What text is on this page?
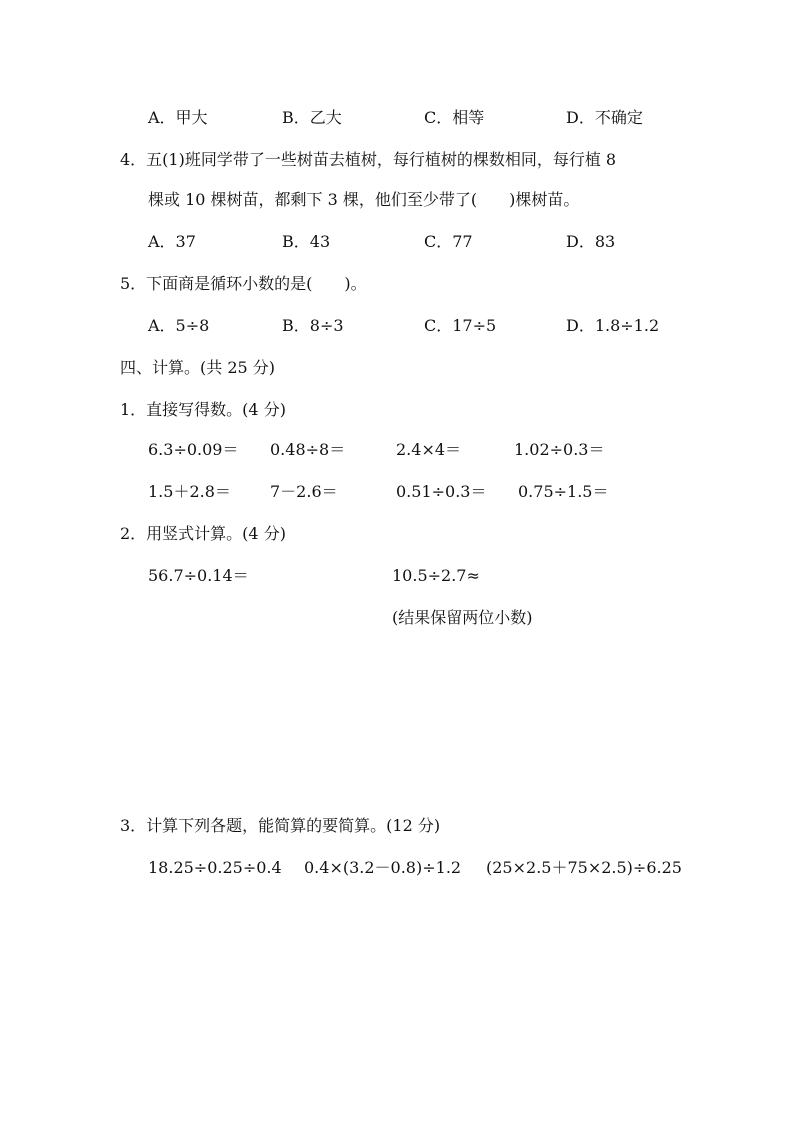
A．甲大	B．乙大	C．相等	D．不确定
4．五(1)班同学带了一些树苗去植树，每行植树的棵数相同，每行植 8
棵或 10 棵树苗，都剩下 3 棵，他们至少带了(　　)棵树苗。
A．37	B．43	C．77	D．83
5．下面商是循环小数的是(　　)。
A．5÷8	B．8÷3	C．17÷5	D．1.8÷1.2
四、计算。(共 25 分)
1．直接写得数。(4 分)
6.3÷0.09＝ 0.48÷8＝	2.4×4＝	1.02÷0.3＝
1.5＋2.8＝ 7－2.6＝	0.51÷0.3＝ 0.75÷1.5＝
2．用竖式计算。(4 分)
56.7÷0.14＝	10.5÷2.7≈
(结果保留两位小数)
3．计算下列各题，能简算的要简算。(12 分)
18.25÷0.25÷0.4 0.4×(3.2－0.8)÷1.2 (25×2.5＋75×2.5)÷6.25
